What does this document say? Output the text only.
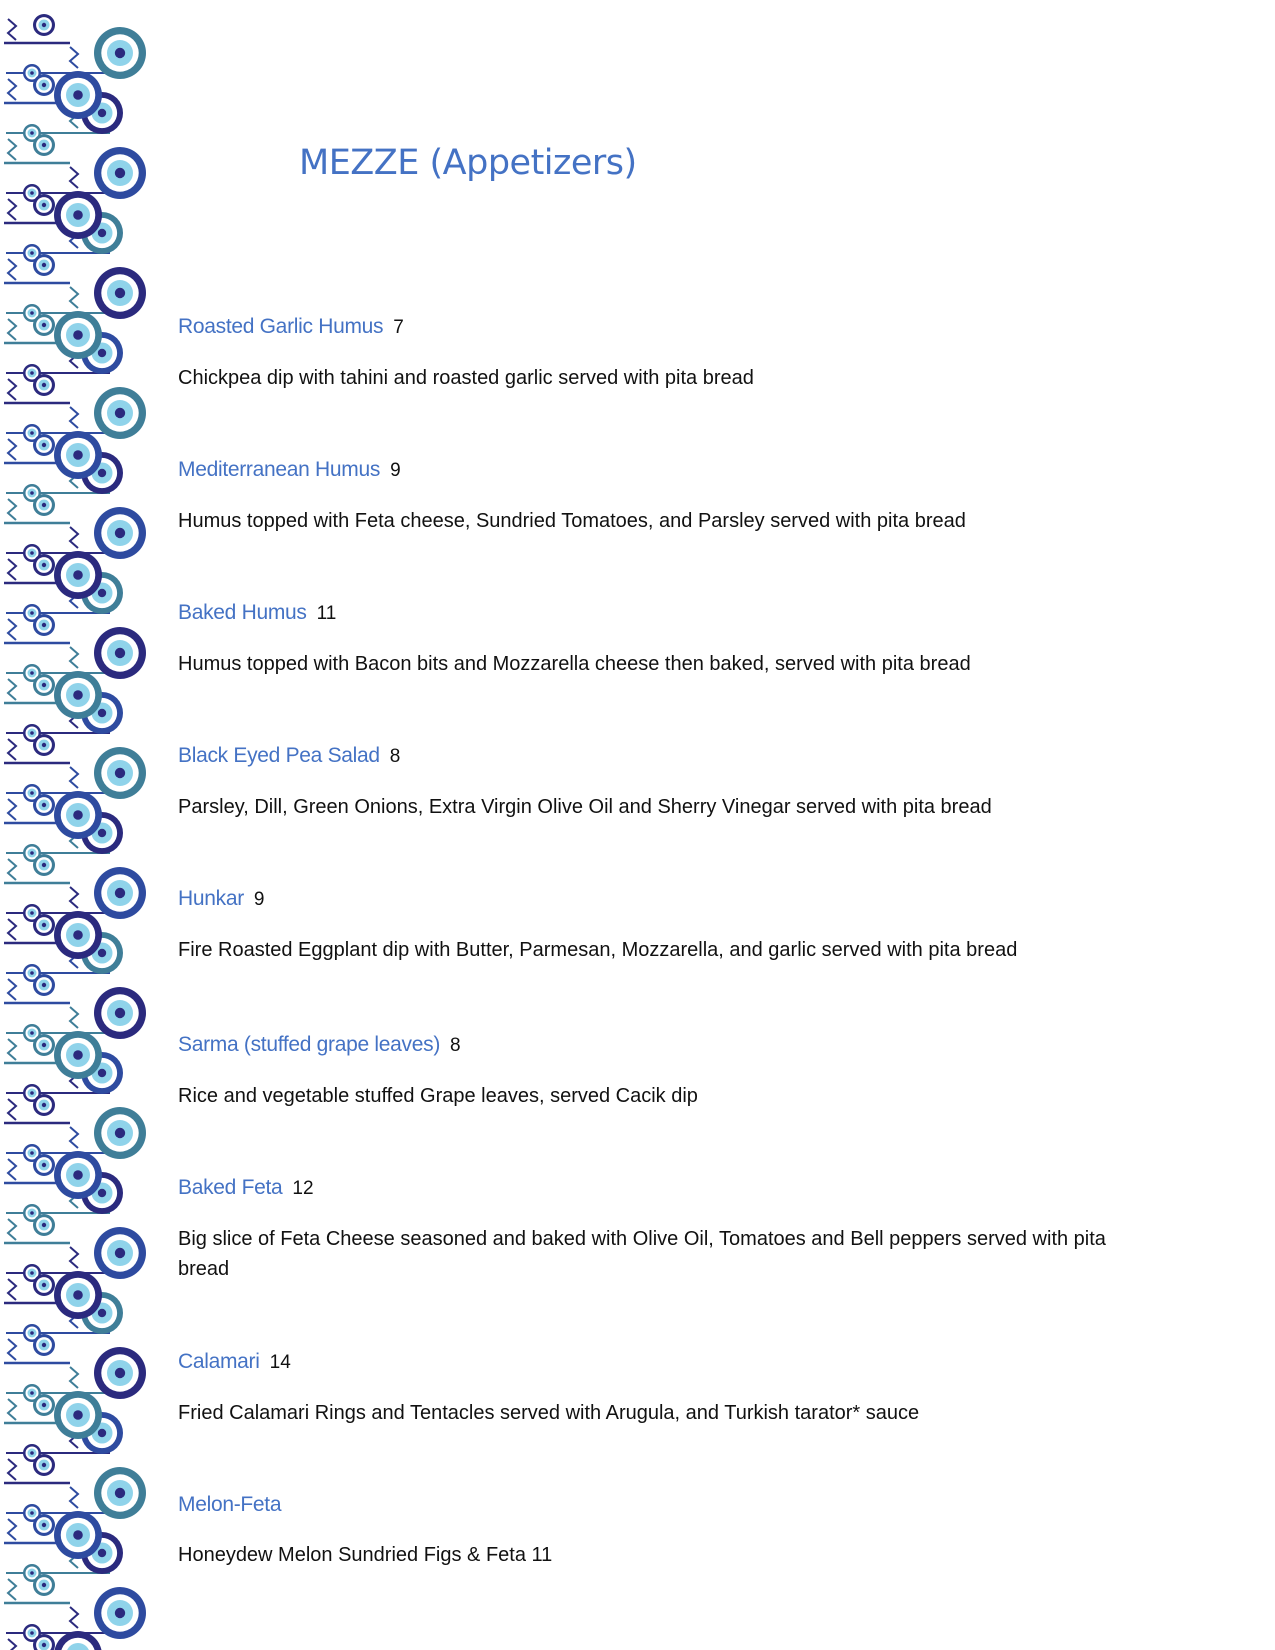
MEZZE (Appetizers)
Roasted Garlic Humus 7
Chickpea dip with tahini and roasted garlic served with pita bread
Mediterranean Humus 9
Humus topped with Feta cheese, Sundried Tomatoes, and Parsley served with pita bread
Baked Humus 11
Humus topped with Bacon bits and Mozzarella cheese then baked, served with pita bread
Black Eyed Pea Salad 8
Parsley, Dill, Green Onions, Extra Virgin Olive Oil and Sherry Vinegar served with pita bread
Hunkar 9
Fire Roasted Eggplant dip with Butter, Parmesan, Mozzarella, and garlic served with pita bread
Sarma (stuffed grape leaves) 8
Rice and vegetable stuffed Grape leaves, served Cacik dip
Baked Feta 12
Big slice of Feta Cheese seasoned and baked with Olive Oil, Tomatoes and Bell peppers served with pita bread
Calamari 14
Fried Calamari Rings and Tentacles served with Arugula, and Turkish tarator* sauce
Melon-Feta
Honeydew Melon Sundried Figs & Feta 11
